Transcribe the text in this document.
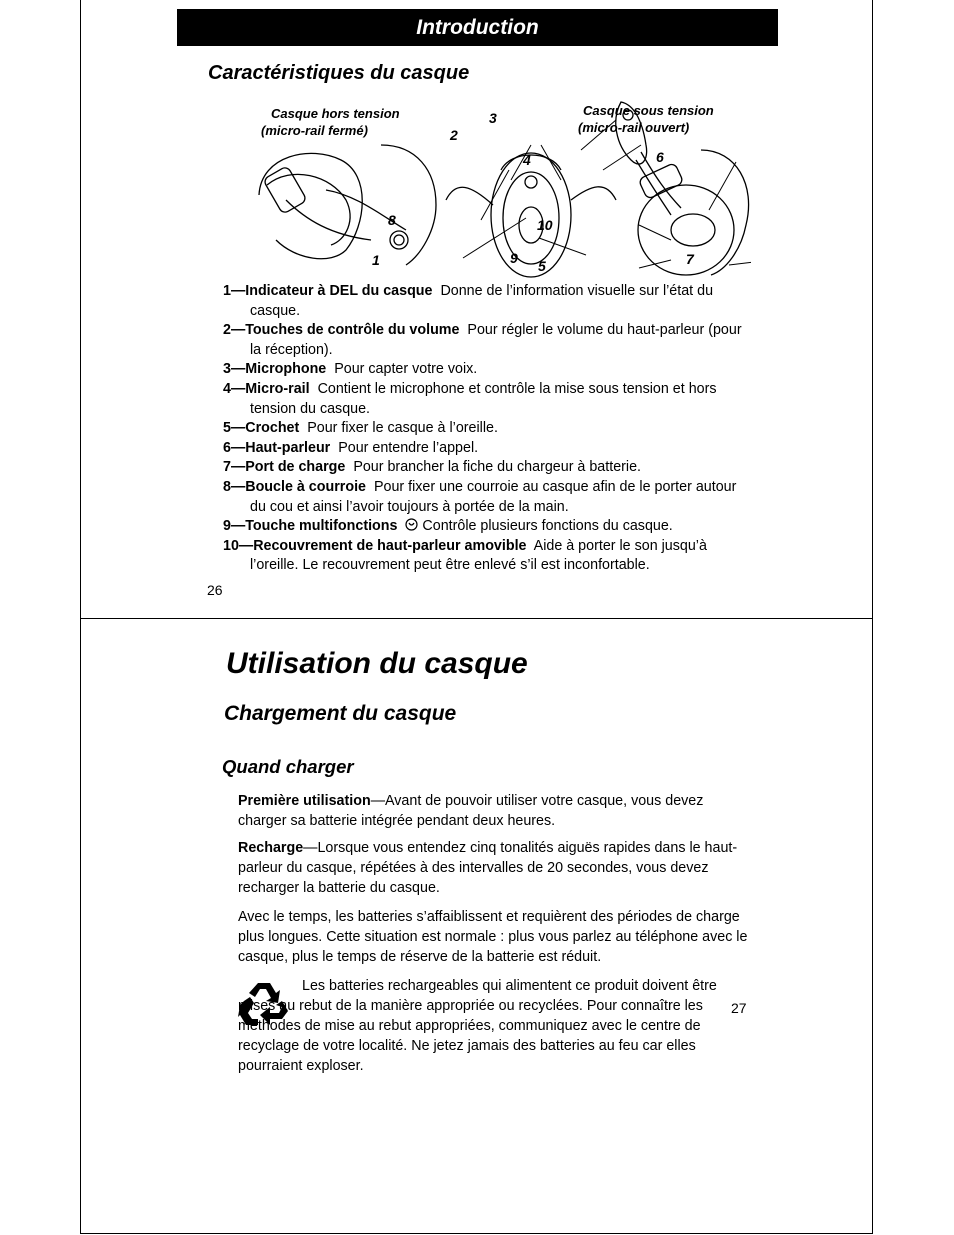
Introduction
Caractéristiques du casque
Casque hors tension
(micro-rail fermé)
Casque sous tension
(micro-rail ouvert)
1
2
3
4
5
6
7
8
9
10
1—Indicateur à DEL du casque Donne de l’information visuelle sur l’état du casque.
2—Touches de contrôle du volume Pour régler le volume du haut-parleur (pour la réception).
3—Microphone Pour capter votre voix.
4—Micro-rail Contient le microphone et contrôle la mise sous tension et hors tension du casque.
5—Crochet Pour fixer le casque à l’oreille.
6—Haut-parleur Pour entendre l’appel.
7—Port de charge Pour brancher la fiche du chargeur à batterie.
8—Boucle à courroie Pour fixer une courroie au casque afin de le porter autour du cou et ainsi l’avoir toujours à portée de la main.
9—Touche multifonctions Contrôle plusieurs fonctions du casque.
10—Recouvrement de haut-parleur amovible Aide à porter le son jusqu’à l’oreille. Le recouvrement peut être enlevé s’il est inconfortable.
26
Utilisation du casque
Chargement du casque
Quand charger

Première utilisation—Avant de pouvoir utiliser votre casque, vous devez charger sa batterie intégrée pendant deux heures.

Recharge—Lorsque vous entendez cinq tonalités aiguës rapides dans le haut-parleur du casque, répétées à des intervalles de 20 secondes, vous devez recharger la batterie du casque.

Avec le temps, les batteries s’affaiblissent et requièrent des périodes de charge plus longues. Cette situation est normale : plus vous parlez au téléphone avec le casque, plus le temps de réserve de la batterie est réduit.

Les batteries rechargeables qui alimentent ce produit doivent être mises au rebut de la manière appropriée ou recyclées. Pour connaître les méthodes de mise au rebut appropriées, communiquez avec le centre de recyclage de votre localité. Ne jetez jamais des batteries au feu car elles pourraient exploser.

27
